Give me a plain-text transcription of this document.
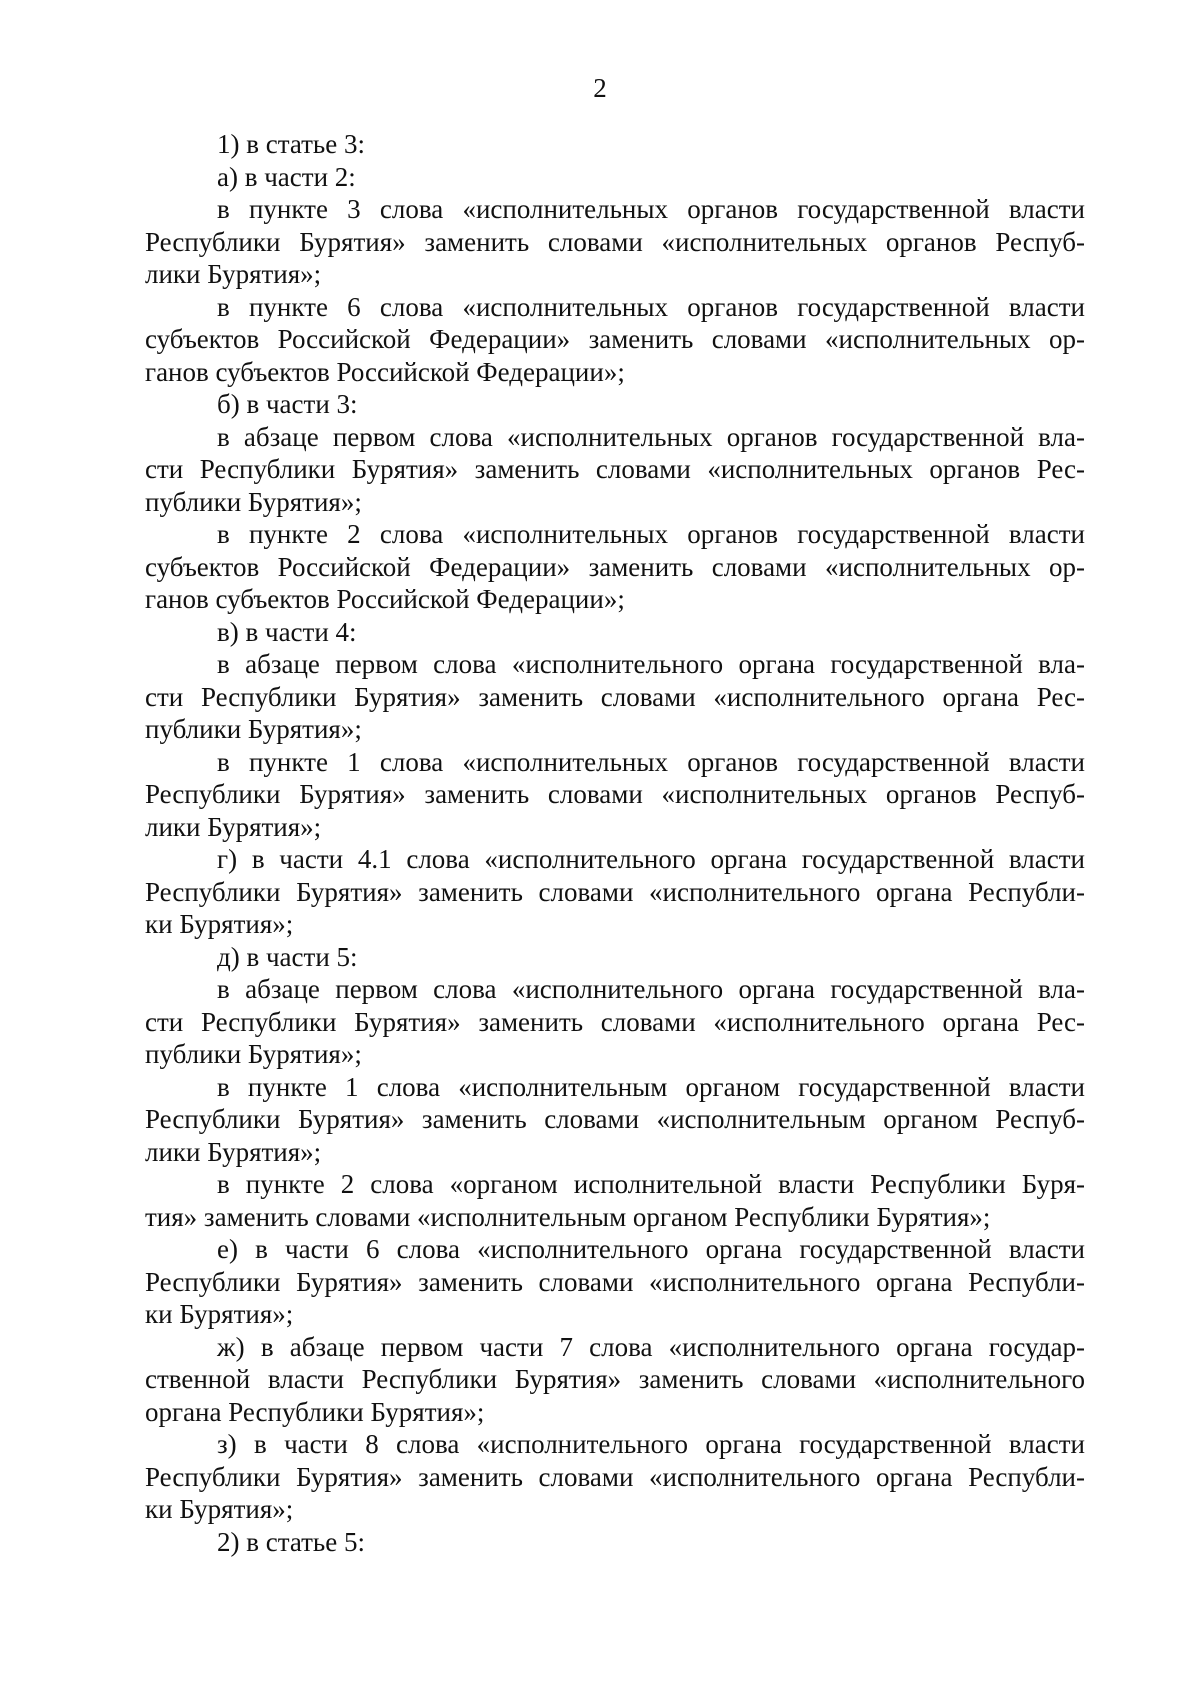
2
1) в статье 3:
а) в части 2:
в пункте 3 слова «исполнительных органов государственной власти
Республики Бурятия» заменить словами «исполнительных органов Респуб-
лики Бурятия»;
в пункте 6 слова «исполнительных органов государственной власти
субъектов Российской Федерации» заменить словами «исполнительных ор-
ганов субъектов Российской Федерации»;
б) в части 3:
в абзаце первом слова «исполнительных органов государственной вла-
сти Республики Бурятия» заменить словами «исполнительных органов Рес-
публики Бурятия»;
в пункте 2 слова «исполнительных органов государственной власти
субъектов Российской Федерации» заменить словами «исполнительных ор-
ганов субъектов Российской Федерации»;
в) в части 4:
в абзаце первом слова «исполнительного органа государственной вла-
сти Республики Бурятия» заменить словами «исполнительного органа Рес-
публики Бурятия»;
в пункте 1 слова «исполнительных органов государственной власти
Республики Бурятия» заменить словами «исполнительных органов Респуб-
лики Бурятия»;
г) в части 4.1 слова «исполнительного органа государственной власти
Республики Бурятия» заменить словами «исполнительного органа Республи-
ки Бурятия»;
д) в части 5:
в абзаце первом слова «исполнительного органа государственной вла-
сти Республики Бурятия» заменить словами «исполнительного органа Рес-
публики Бурятия»;
в пункте 1 слова «исполнительным органом государственной власти
Республики Бурятия» заменить словами «исполнительным органом Респуб-
лики Бурятия»;
в пункте 2 слова «органом исполнительной власти Республики Буря-
тия» заменить словами «исполнительным органом Республики Бурятия»;
е) в части 6 слова «исполнительного органа государственной власти
Республики Бурятия» заменить словами «исполнительного органа Республи-
ки Бурятия»;
ж) в абзаце первом части 7 слова «исполнительного органа государ-
ственной власти Республики Бурятия» заменить словами «исполнительного
органа Республики Бурятия»;
з) в части 8 слова «исполнительного органа государственной власти
Республики Бурятия» заменить словами «исполнительного органа Республи-
ки Бурятия»;
2) в статье 5:
